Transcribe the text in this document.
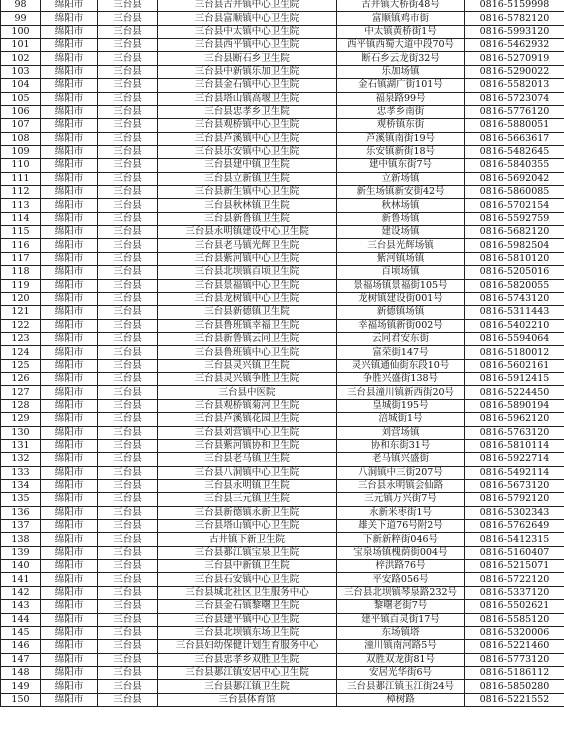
98	绵阳市	三台县	三台县古井镇中心卫生院	古井镇大桥街48号	0816-5159998
99	绵阳市	三台县	三台县富顺镇中心卫生院	富顺镇鸡市街	0816-5782120
100	绵阳市	三台县	三台县中太镇中心卫生院	中太镇黄桥街1号	0816-5993120
101	绵阳市	三台县	三台县西平镇中心卫生院	西平镇西蜀大道中段70号	0816-5462932
102	绵阳市	三台县	三台县断石乡卫生院	断石乡云龙街32号	0816-5270919
103	绵阳市	三台县	三台县中新镇乐加卫生院	乐加场镇	0816-5290022
104	绵阳市	三台县	三台县金石镇中心卫生院	金石镇湖广街101号	0816-5582013
105	绵阳市	三台县	三台县塔山镇高堰卫生院	福泉路99号	0816-5723074
106	绵阳市	三台县	三台县忠孝乡卫生院	忠孝乡南街	0816-5776120
107	绵阳市	三台县	三台县观桥镇中心卫生院	观桥镇东街	0816-5880051
108	绵阳市	三台县	三台县芦溪镇中心卫生院	芦溪镇南街19号	0816-5663617
109	绵阳市	三台县	三台县乐安镇中心卫生院	乐安镇新街18号	0816-5482645
110	绵阳市	三台县	三台县建中镇卫生院	建中镇东街7号	0816-5840355
111	绵阳市	三台县	三台县立新镇卫生院	立新场镇	0816-5692042
112	绵阳市	三台县	三台县新生镇中心卫生院	新生场镇新安街42号	0816-5860085
113	绵阳市	三台县	三台县秋林镇卫生院	秋林场镇	0816-5702154
114	绵阳市	三台县	三台县新鲁镇卫生院	新鲁场镇	0816-5592759
115	绵阳市	三台县	三台县永明镇建设中心卫生院	建设场镇	0816-5682120
116	绵阳市	三台县	三台县老马镇光辉卫生院	三台县光辉场镇	0816-5982504
117	绵阳市	三台县	三台县紫河镇中心卫生院	紫河镇场镇	0816-5810120
118	绵阳市	三台县	三台县北坝镇百顷卫生院	百顷场镇	0816-5205016
119	绵阳市	三台县	三台县景福镇中心卫生院	景福场镇景福街105号	0816-5820055
120	绵阳市	三台县	三台县龙树镇中心卫生院	龙树镇建设街001号	0816-5743120
121	绵阳市	三台县	三台县新德镇卫生院	新德镇场镇	0816-5311443
122	绵阳市	三台县	三台县鲁班镇幸福卫生院	幸福场镇新街002号	0816-5402210
123	绵阳市	三台县	三台县新鲁镇云同卫生院	云同君安东街	0816-5594064
124	绵阳市	三台县	三台县鲁班镇中心卫生院	富荣街147号	0816-5180012
125	绵阳市	三台县	三台县灵兴镇卫生院	灵兴镇通仙街东段10号	0816-5602161
126	绵阳市	三台县	三台县灵兴镇争胜卫生院	争胜兴盛街138号	0816-5912415
127	绵阳市	三台县	三台县中医院	三台县潼川镇新西街20号	0816-5224450
128	绵阳市	三台县	三台县观桥镇菊河卫生院	皇城街195号	0816-5890194
129	绵阳市	三台县	三台县芦溪镇花园卫生院	涪城街1号	0816-5962120
130	绵阳市	三台县	三台县刘营镇中心卫生院	刘营场镇	0816-5763120
131	绵阳市	三台县	三台县紫河镇协和卫生院	协和东街31号	0816-5810114
132	绵阳市	三台县	三台县老马镇卫生院	老马镇兴盛街	0816-5922714
133	绵阳市	三台县	三台县八洞镇中心卫生院	八洞镇中三街207号	0816-5492114
134	绵阳市	三台县	三台县永明镇卫生院	三台县永明镇会仙路	0816-5673120
135	绵阳市	三台县	三台县三元镇卫生院	三元镇万兴街7号	0816-5792120
136	绵阳市	三台县	三台县新德镇永新卫生院	永新米枣街1号	0816-5302343
137	绵阳市	三台县	三台县塔山镇中心卫生院	雄关下道76号附2号	0816-5762649
138	绵阳市	三台县	古井镇下新卫生院	下新新粹街046号	0816-5412315
139	绵阳市	三台县	三台县郪江镇宝泉卫生院	宝泉场镇槐荫街004号	0816-5160407
140	绵阳市	三台县	三台县中新镇卫生院	梓洪路76号	0816-5215071
141	绵阳市	三台县	三台县石安镇中心卫生院	平安路056号	0816-5722120
142	绵阳市	三台县	三台县城北社区卫生服务中心	三台县北坝镇琴泉路232号	0816-5337120
143	绵阳市	三台县	三台县金石镇黎曙卫生院	黎曙老街7号	0816-5502621
144	绵阳市	三台县	三台县建平镇中心卫生院	建平镇百灵街17号	0816-5585120
145	绵阳市	三台县	三台县北坝镇东场卫生院	东场镇塔	0816-5320006
146	绵阳市	三台县	三台县妇幼保健计划生育服务中心	潼川镇南河路5号	0816-5221460
147	绵阳市	三台县	三台县忠孝乡双胜卫生院	双胜双龙街81号	0816-5773120
148	绵阳市	三台县	三台县郪江镇安居中心卫生院	安居光华街6号	0816-5186112
149	绵阳市	三台县	三台县郪江镇卫生院	三台县郪江镇玉江街24号	0816-5850280
150	绵阳市	三台县	三台县体育馆	樟树路	0816-5221552
